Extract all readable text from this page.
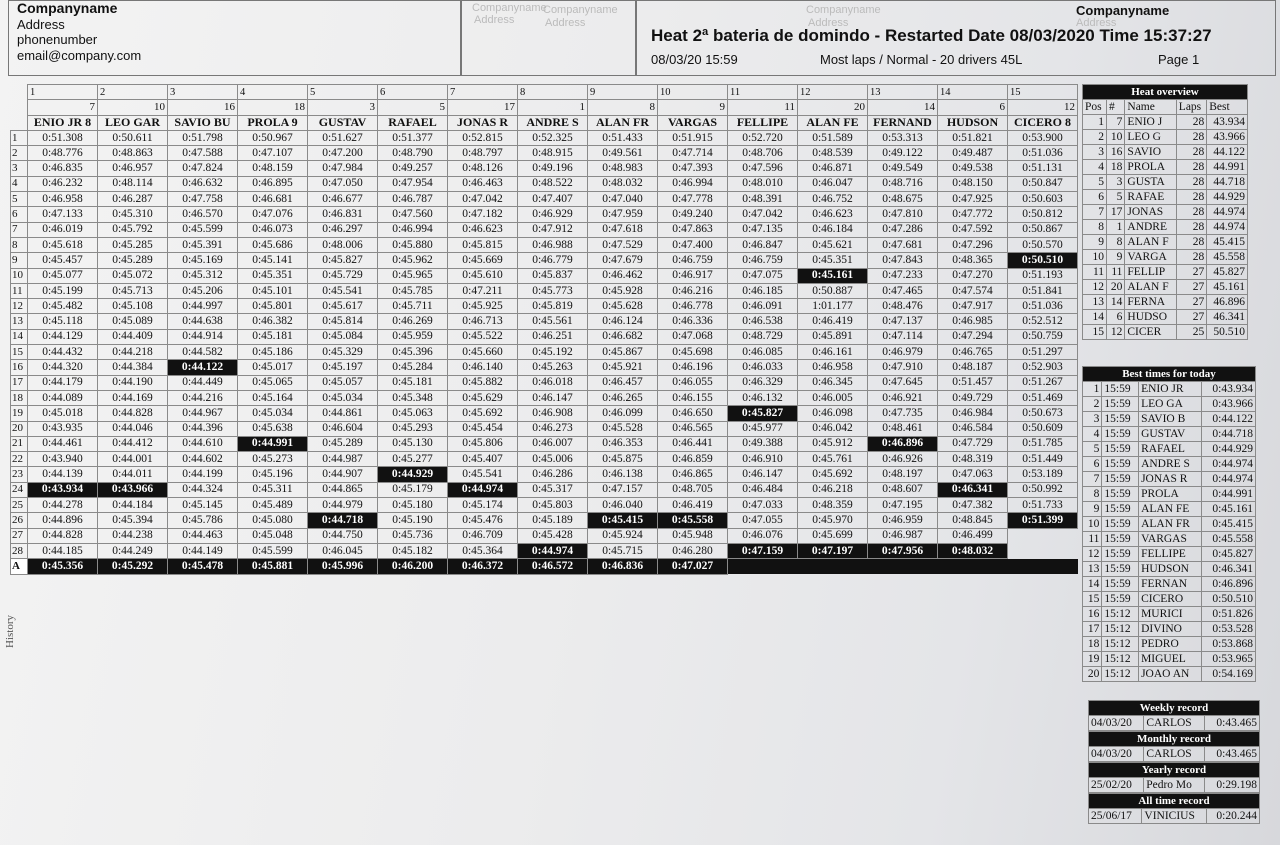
Companyname
Address
phonenumber
email@company.com
Companyname
Address
Companyname
Address
Companyname
Address
Companyname
Address
Heat 2ª bateria de domindo - Restarted Date 08/03/2020 Time 15:37:27
08/03/20 15:59	Most laps / Normal - 20 drivers 45L	Page 1
	1	2	3	4	5	6	7	8	9	10	11	12	13	14	15
	7	10	16	18	3	5	17	1	8	9	11	20	14	6	12
	ENIO JR 8	LEO GAR	SAVIO BU	PROLA 9	GUSTAV	RAFAEL	JONAS R	ANDRE S	ALAN FR	VARGAS	FELLIPE	ALAN FE	FERNAND	HUDSON	CICERO 8
1	0:51.308	0:50.611	0:51.798	0:50.967	0:51.627	0:51.377	0:52.815	0:52.325	0:51.433	0:51.915	0:52.720	0:51.589	0:53.313	0:51.821	0:53.900
2	0:48.776	0:48.863	0:47.588	0:47.107	0:47.200	0:48.790	0:48.797	0:48.915	0:49.561	0:47.714	0:48.706	0:48.539	0:49.122	0:49.487	0:51.036
3	0:46.835	0:46.957	0:47.824	0:48.159	0:47.984	0:49.257	0:48.126	0:49.196	0:48.983	0:47.393	0:47.596	0:46.871	0:49.549	0:49.538	0:51.131
4	0:46.232	0:48.114	0:46.632	0:46.895	0:47.050	0:47.954	0:46.463	0:48.522	0:48.032	0:46.994	0:48.010	0:46.047	0:48.716	0:48.150	0:50.847
5	0:46.958	0:46.287	0:47.758	0:46.681	0:46.677	0:46.787	0:47.042	0:47.407	0:47.040	0:47.778	0:48.391	0:46.752	0:48.675	0:47.925	0:50.603
6	0:47.133	0:45.310	0:46.570	0:47.076	0:46.831	0:47.560	0:47.182	0:46.929	0:47.959	0:49.240	0:47.042	0:46.623	0:47.810	0:47.772	0:50.812
7	0:46.019	0:45.792	0:45.599	0:46.073	0:46.297	0:46.994	0:46.623	0:47.912	0:47.618	0:47.863	0:47.135	0:46.184	0:47.286	0:47.592	0:50.867
8	0:45.618	0:45.285	0:45.391	0:45.686	0:48.006	0:45.880	0:45.815	0:46.988	0:47.529	0:47.400	0:46.847	0:45.621	0:47.681	0:47.296	0:50.570
9	0:45.457	0:45.289	0:45.169	0:45.141	0:45.827	0:45.962	0:45.669	0:46.779	0:47.679	0:46.759	0:46.759	0:45.351	0:47.843	0:48.365	0:50.510
10	0:45.077	0:45.072	0:45.312	0:45.351	0:45.729	0:45.965	0:45.610	0:45.837	0:46.462	0:46.917	0:47.075	0:45.161	0:47.233	0:47.270	0:51.193
11	0:45.199	0:45.713	0:45.206	0:45.101	0:45.541	0:45.785	0:47.211	0:45.773	0:45.928	0:46.216	0:46.185	0:50.887	0:47.465	0:47.574	0:51.841
12	0:45.482	0:45.108	0:44.997	0:45.801	0:45.617	0:45.711	0:45.925	0:45.819	0:45.628	0:46.778	0:46.091	1:01.177	0:48.476	0:47.917	0:51.036
13	0:45.118	0:45.089	0:44.638	0:46.382	0:45.814	0:46.269	0:46.713	0:45.561	0:46.124	0:46.336	0:46.538	0:46.419	0:47.137	0:46.985	0:52.512
14	0:44.129	0:44.409	0:44.914	0:45.181	0:45.084	0:45.959	0:45.522	0:46.251	0:46.682	0:47.068	0:48.729	0:45.891	0:47.114	0:47.294	0:50.759
15	0:44.432	0:44.218	0:44.582	0:45.186	0:45.329	0:45.396	0:45.660	0:45.192	0:45.867	0:45.698	0:46.085	0:46.161	0:46.979	0:46.765	0:51.297
16	0:44.320	0:44.384	0:44.122	0:45.017	0:45.197	0:45.284	0:46.140	0:45.263	0:45.921	0:46.196	0:46.033	0:46.958	0:47.910	0:48.187	0:52.903
17	0:44.179	0:44.190	0:44.449	0:45.065	0:45.057	0:45.181	0:45.882	0:46.018	0:46.457	0:46.055	0:46.329	0:46.345	0:47.645	0:51.457	0:51.267
18	0:44.089	0:44.169	0:44.216	0:45.164	0:45.034	0:45.348	0:45.629	0:46.147	0:46.265	0:46.155	0:46.132	0:46.005	0:46.921	0:49.729	0:51.469
19	0:45.018	0:44.828	0:44.967	0:45.034	0:44.861	0:45.063	0:45.692	0:46.908	0:46.099	0:46.650	0:45.827	0:46.098	0:47.735	0:46.984	0:50.673
20	0:43.935	0:44.046	0:44.396	0:45.638	0:46.604	0:45.293	0:45.454	0:46.273	0:45.528	0:46.565	0:45.977	0:46.042	0:48.461	0:46.584	0:50.609
21	0:44.461	0:44.412	0:44.610	0:44.991	0:45.289	0:45.130	0:45.806	0:46.007	0:46.353	0:46.441	0:49.388	0:45.912	0:46.896	0:47.729	0:51.785
22	0:43.940	0:44.001	0:44.602	0:45.273	0:44.987	0:45.277	0:45.407	0:45.006	0:45.875	0:46.859	0:46.910	0:45.761	0:46.926	0:48.319	0:51.449
23	0:44.139	0:44.011	0:44.199	0:45.196	0:44.907	0:44.929	0:45.541	0:46.286	0:46.138	0:46.865	0:46.147	0:45.692	0:48.197	0:47.063	0:53.189
24	0:43.934	0:43.966	0:44.324	0:45.311	0:44.865	0:45.179	0:44.974	0:45.317	0:47.157	0:48.705	0:46.484	0:46.218	0:48.607	0:46.341	0:50.992
25	0:44.278	0:44.184	0:45.145	0:45.489	0:44.979	0:45.180	0:45.174	0:45.803	0:46.040	0:46.419	0:47.033	0:48.359	0:47.195	0:47.382	0:51.733
26	0:44.896	0:45.394	0:45.786	0:45.080	0:44.718	0:45.190	0:45.476	0:45.189	0:45.415	0:45.558	0:47.055	0:45.970	0:46.959	0:48.845	0:51.399
27	0:44.828	0:44.238	0:44.463	0:45.048	0:44.750	0:45.736	0:46.709	0:45.428	0:45.924	0:45.948	0:46.076	0:45.699	0:46.987	0:46.499	
28	0:44.185	0:44.249	0:44.149	0:45.599	0:46.045	0:45.182	0:45.364	0:44.974	0:45.715	0:46.280	0:47.159	0:47.197	0:47.956	0:48.032	
A	0:45.356	0:45.292	0:45.478	0:45.881	0:45.996	0:46.200	0:46.372	0:46.572	0:46.836	0:47.027					
History
Heat overview				
Pos	#	Name	Laps	Best
1	7	ENIO J	28	43.934
2	10	LEO G	28	43.966
3	16	SAVIO	28	44.122
4	18	PROLA	28	44.991
5	3	GUSTA	28	44.718
6	5	RAFAE	28	44.929
7	17	JONAS	28	44.974
8	1	ANDRE	28	44.974
9	8	ALAN F	28	45.415
10	9	VARGA	28	45.558
11	11	FELLIP	27	45.827
12	20	ALAN F	27	45.161
13	14	FERNA	27	46.896
14	6	HUDSO	27	46.341
15	12	CICER	25	50.510
Best times for today			
1	15:59	ENIO JR	0:43.934
2	15:59	LEO GA	0:43.966
3	15:59	SAVIO B	0:44.122
4	15:59	GUSTAV	0:44.718
5	15:59	RAFAEL	0:44.929
6	15:59	ANDRE S	0:44.974
7	15:59	JONAS R	0:44.974
8	15:59	PROLA	0:44.991
9	15:59	ALAN FE	0:45.161
10	15:59	ALAN FR	0:45.415
11	15:59	VARGAS	0:45.558
12	15:59	FELLIPE	0:45.827
13	15:59	HUDSON	0:46.341
14	15:59	FERNAN	0:46.896
15	15:59	CICERO	0:50.510
16	15:12	MURICI	0:51.826
17	15:12	DIVINO	0:53.528
18	15:12	PEDRO	0:53.868
19	15:12	MIGUEL	0:53.965
20	15:12	JOAO AN	0:54.169
Weekly record
04/03/20	CARLOS	0:43.465
Monthly record
04/03/20	CARLOS	0:43.465
Yearly record
25/02/20	Pedro Mo	0:29.198
All time record
25/06/17	VINICIUS	0:20.244
